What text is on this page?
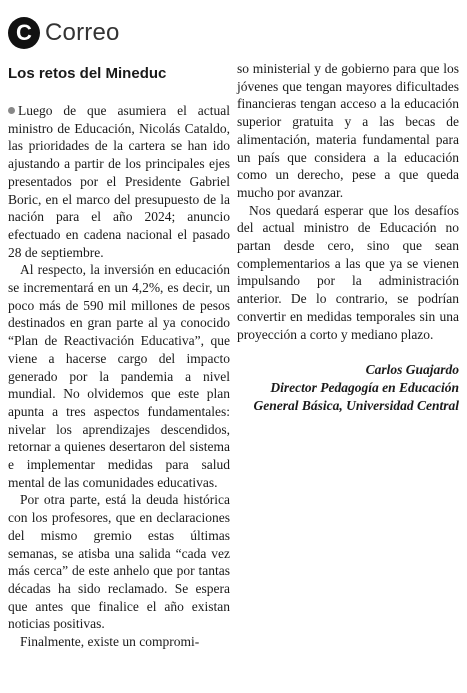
C Correo
Los retos del Mineduc

Luego de que asumiera el actual ministro de Educación, Nicolás Cataldo, las prioridades de la cartera se han ido ajustando a partir de los principales ejes presentados por el Presidente Gabriel Boric, en el marco del presupuesto de la nación para el año 2024; anuncio efectuado en cadena nacional el pasado 28 de septiembre.

Al respecto, la inversión en educación se incrementará en un 4,2%, es decir, un poco más de 590 mil millones de pesos destinados en gran parte al ya conocido “Plan de Reactivación Educativa”, que viene a hacerse cargo del impacto generado por la pandemia a nivel mundial. No olvidemos que este plan apunta a tres aspectos fundamentales: nivelar los aprendizajes descendidos, retornar a quienes desertaron del sistema e implementar medidas para salud mental de las comunidades educativas.

Por otra parte, está la deuda histórica con los profesores, que en declaraciones del mismo gremio estas últimas semanas, se atisba una salida “cada vez más cerca” de este anhelo que por tantas décadas ha sido reclamado. Se espera que antes que finalice el año existan noticias positivas.

Finalmente, existe un compromi-

so ministerial y de gobierno para que los jóvenes que tengan mayores dificultades financieras tengan acceso a la educación superior gratuita y a las becas de alimentación, materia fundamental para un país que considera a la educación como un derecho, pese a que queda mucho por avanzar.

Nos quedará esperar que los desafíos del actual ministro de Educación no partan desde cero, sino que sean complementarios a las que ya se vienen impulsando por la administración anterior. De lo contrario, se podrían convertir en medidas temporales sin una proyección a corto y mediano plazo.

Carlos Guajardo
Director Pedagogía en Educación
General Básica, Universidad Central
